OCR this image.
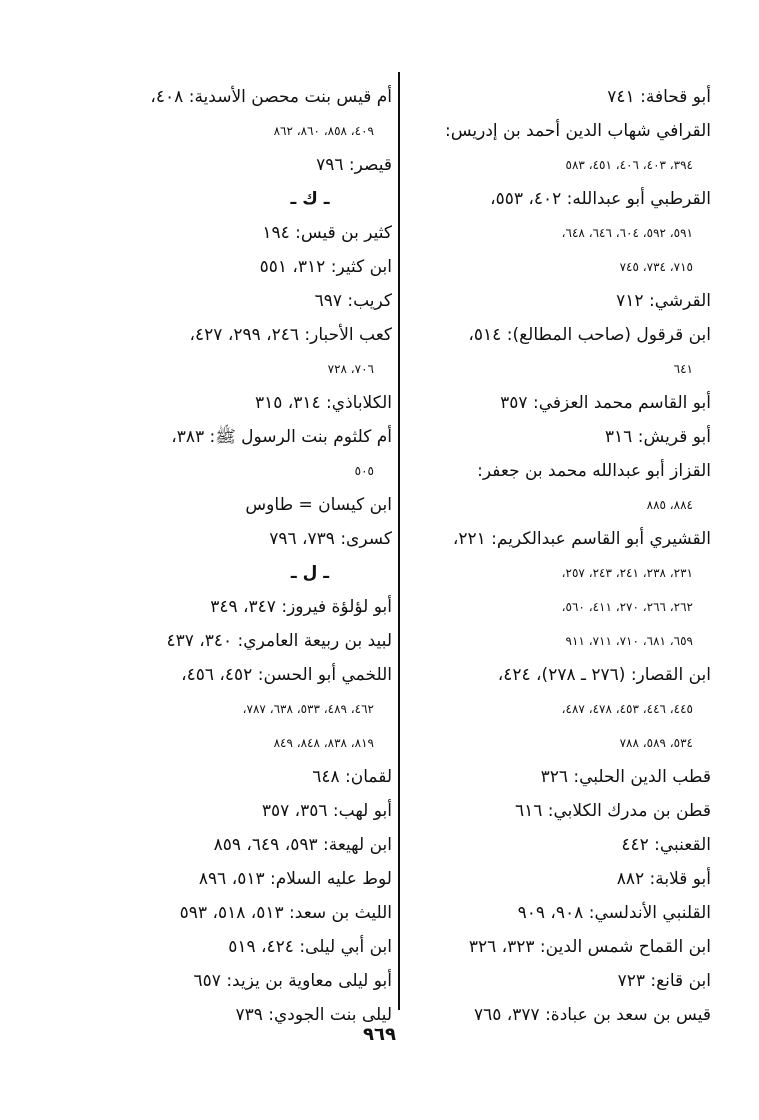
أبو قحافة: ٧٤١
القرافي شهاب الدين أحمد بن إدريس:
٣٩٤، ٤٠٣، ٤٠٦، ٤٥١، ٥٨٣
القرطبي أبو عبدالله: ٤٠٢، ٥٥٣،
٥٩١، ٥٩٢، ٦٠٤، ٦٤٦، ٦٤٨،
٧١٥، ٧٣٤، ٧٤٥
القرشي: ٧١٢
ابن قرقول (صاحب المطالع): ٥١٤،
٦٤١
أبو القاسم محمد العزفي: ٣٥٧
أبو قريش: ٣١٦
القزاز أبو عبدالله محمد بن جعفر:
٨٨٤، ٨٨٥
القشيري أبو القاسم عبدالكريم: ٢٢١،
٢٣١، ٢٣٨، ٢٤١، ٢٤٣، ٢٥٧،
٢٦٢، ٢٦٦، ٢٧٠، ٤١١، ٥٦٠،
٦٥٩، ٦٨١، ٧١٠، ٧١١، ٩١١
ابن القصار: (٢٧٦ ـ ٢٧٨)، ٤٢٤،
٤٤٥، ٤٤٦، ٤٥٣، ٤٧٨، ٤٨٧،
٥٣٤، ٥٨٩، ٧٨٨
قطب الدين الحلبي: ٣٢٦
قطن بن مدرك الكلابي: ٦١٦
القعنبي: ٤٤٢
أبو قلابة: ٨٨٢
القلنبي الأندلسي: ٩٠٨، ٩٠٩
ابن القماح شمس الدين: ٣٢٣، ٣٢٦
ابن قانع: ٧٢٣
قيس بن سعد بن عبادة: ٣٧٧، ٧٦٥
أم قيس بنت محصن الأسدية: ٤٠٨،
٤٠٩، ٨٥٨، ٨٦٠، ٨٦٢
قيصر: ٧٩٦
ـ ك ـ
كثير بن قيس: ١٩٤
ابن كثير: ٣١٢، ٥٥١
كريب: ٦٩٧
كعب الأحبار: ٢٤٦، ٢٩٩، ٤٢٧،
٧٠٦، ٧٢٨
الكلاباذي: ٣١٤، ٣١٥
أم كلثوم بنت الرسول ﷺ: ٣٨٣،
٥٠٥
ابن كيسان = طاوس
كسرى: ٧٣٩، ٧٩٦
ـ ل ـ
أبو لؤلؤة فيروز: ٣٤٧، ٣٤٩
لبيد بن ربيعة العامري: ٣٤٠، ٤٣٧
اللخمي أبو الحسن: ٤٥٢، ٤٥٦،
٤٦٢، ٤٨٩، ٥٣٣، ٦٣٨، ٧٨٧،
٨١٩، ٨٣٨، ٨٤٨، ٨٤٩
لقمان: ٦٤٨
أبو لهب: ٣٥٦، ٣٥٧
ابن لهيعة: ٥٩٣، ٦٤٩، ٨٥٩
لوط عليه السلام: ٥١٣، ٨٩٦
الليث بن سعد: ٥١٣، ٥١٨، ٥٩٣
ابن أبي ليلى: ٤٢٤، ٥١٩
أبو ليلى معاوية بن يزيد: ٦٥٧
ليلى بنت الجودي: ٧٣٩
٩٦٩
